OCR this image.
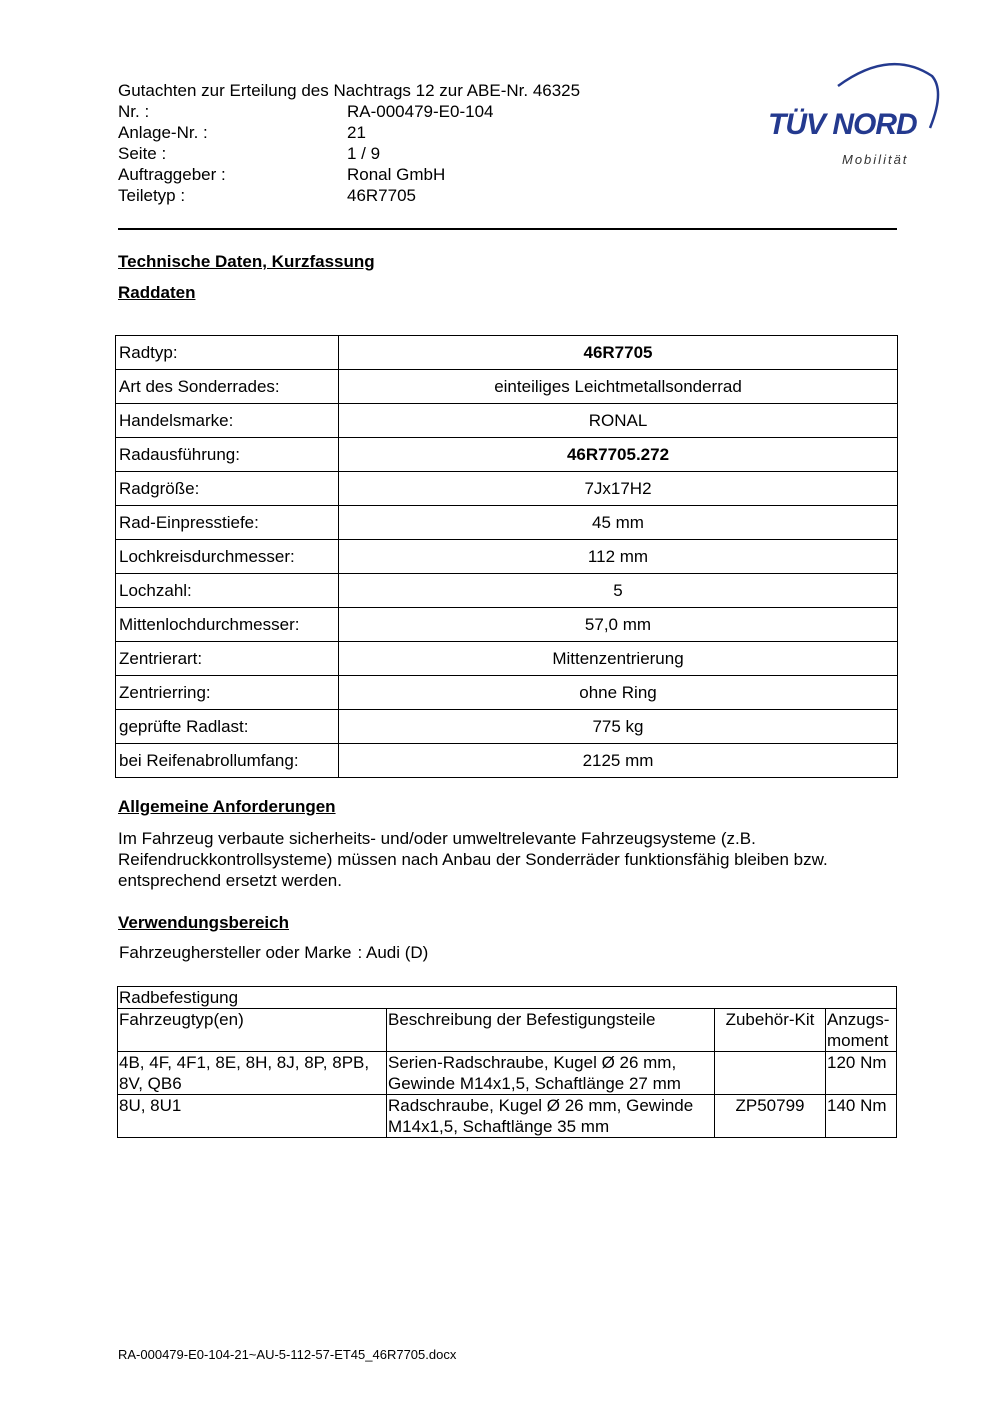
Gutachten zur Erteilung des Nachtrags 12 zur ABE-Nr. 46325
Nr. :	RA-000479-E0-104
Anlage-Nr. :	21
Seite :	1 / 9
Auftraggeber :	Ronal GmbH
Teiletyp :	46R7705
TÜV NORD
Mobilität
Technische Daten, Kurzfassung
Raddaten
Radtyp:	46R7705
Art des Sonderrades:	einteiliges Leichtmetallsonderrad
Handelsmarke:	RONAL
Radausführung:	46R7705.272
Radgröße:	7Jx17H2
Rad-Einpresstiefe:	45 mm
Lochkreisdurchmesser:	112 mm
Lochzahl:	5
Mittenlochdurchmesser:	57,0 mm
Zentrierart:	Mittenzentrierung
Zentrierring:	ohne Ring
geprüfte Radlast:	775 kg
bei Reifenabrollumfang:	2125 mm
Allgemeine Anforderungen
Im Fahrzeug verbaute sicherheits- und/oder umweltrelevante Fahrzeugsysteme (z.B. Reifendruckkontrollsysteme) müssen nach Anbau der Sonderräder funktionsfähig bleiben bzw. entsprechend ersetzt werden.
Verwendungsbereich
Fahrzeughersteller oder Marke : Audi (D)
Radbefestigung			
Fahrzeugtyp(en)	Beschreibung der Befestigungsteile	Zubehör-Kit	Anzugs-moment
4B, 4F, 4F1, 8E, 8H, 8J, 8P, 8PB, 8V, QB6	Serien-Radschraube, Kugel Ø 26 mm, Gewinde M14x1,5, Schaftlänge 27 mm		120 Nm
8U, 8U1	Radschraube, Kugel Ø 26 mm, Gewinde M14x1,5, Schaftlänge 35 mm	ZP50799	140 Nm
RA-000479-E0-104-21~AU-5-112-57-ET45_46R7705.docx
